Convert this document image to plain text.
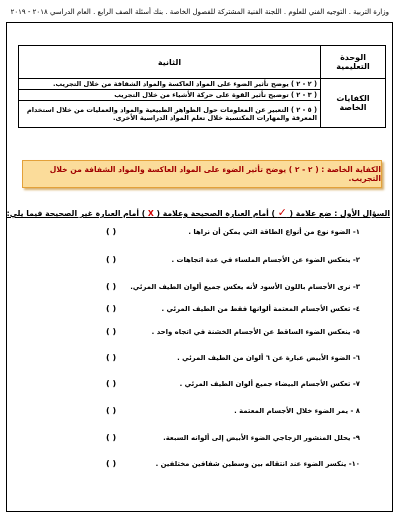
وزارة التربية . التوجيه الفني للعلوم . اللجنة الفنية المشتركة للفصول الخاصة . بنك أسئلة الصف الرابع . العام الدراسي ٢٠١٨ - ٢٠١٩
الوحدة التعليمية	الثانية
الكفايات الخاصة	( ٢ - ٢ ) يوضح تأثير الضوء على المواد العاكسة والمواد الشفافة من خلال التجريب.
	( ٣ - ٢ ) توضيح تأثير القوة على حركة الأشياء من خلال التجريب
	( ٥ - ٢ ) التعبير عن المعلومات حول الظواهر الطبيعية والمواد والعمليات من خلال استخدام المعرفة والمهارات المكتسبة خلال تعلم المواد الدراسية الأخرى.
الكفاية الخاصة : ( ٢ - ٢ ) يوضح تأثير الضوء على المواد العاكسة والمواد الشفافة من خلال التجريب.
السؤال الأول : ضع علامة ( ✓ ) أمام العبارة الصحيحة وعلامة ( X ) أمام العبارة غير الصحيحة فيما يلي:
١- الضوء نوع من أنواع الطاقة التي يمكن أن نراها .
( )
٢- ينعكس الضوء عن الأجسام الملساء في عدة اتجاهات .
( )
٣- نرى الأجسام باللون الأسود لأنه يعكس جميع ألوان الطيف المرئي.
( )
٤- تعكس الأجسام المعتمة ألوانها فقط من الطيف المرئي .
( )
٥- ينعكس الضوء الساقط عن الأجسام الخشنة في اتجاه واحد .
( )
٦- الضوء الأبيض عبارة عن ٦ ألوان من الطيف المرئي .
( )
٧- تعكس الأجسام البيضاء جميع ألوان الطيف المرئي .
( )
٨ - يمر الضوء خلال الأجسام المعتمة .
( )
٩- يحلل المنشور الزجاجي الضوء الأبيض إلى ألوانه السبعة.
( )
١٠- ينكسر الضوء عند انتقاله بين وسطين شفافين مختلفين .
( )
